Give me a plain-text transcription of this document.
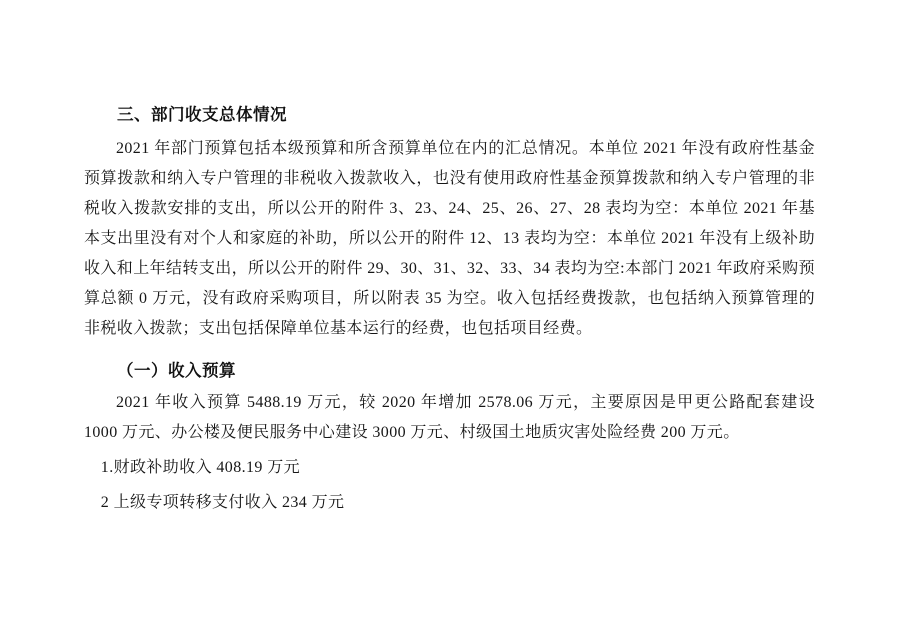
三、部门收支总体情况

2021 年部门预算包括本级预算和所含预算单位在内的汇总情况。本单位 2021 年没有政府性基金预算拨款和纳入专户管理的非税收入拨款收入，也没有使用政府性基金预算拨款和纳入专户管理的非税收入拨款安排的支出，所以公开的附件 3、23、24、25、26、27、28 表均为空：本单位 2021 年基本支出里没有对个人和家庭的补助，所以公开的附件 12、13 表均为空：本单位 2021 年没有上级补助收入和上年结转支出，所以公开的附件 29、30、31、32、33、34 表均为空:本部门 2021 年政府采购预算总额 0 万元，没有政府采购项目，所以附表 35 为空。收入包括经费拨款，也包括纳入预算管理的非税收入拨款；支出包括保障单位基本运行的经费，也包括项目经费。

（一）收入预算

2021 年收入预算 5488.19 万元，较 2020 年增加 2578.06 万元，主要原因是甲更公路配套建设 1000 万元、办公楼及便民服务中心建设 3000 万元、村级国土地质灾害处险经费 200 万元。

1.财政补助收入 408.19 万元

2 上级专项转移支付收入 234 万元
